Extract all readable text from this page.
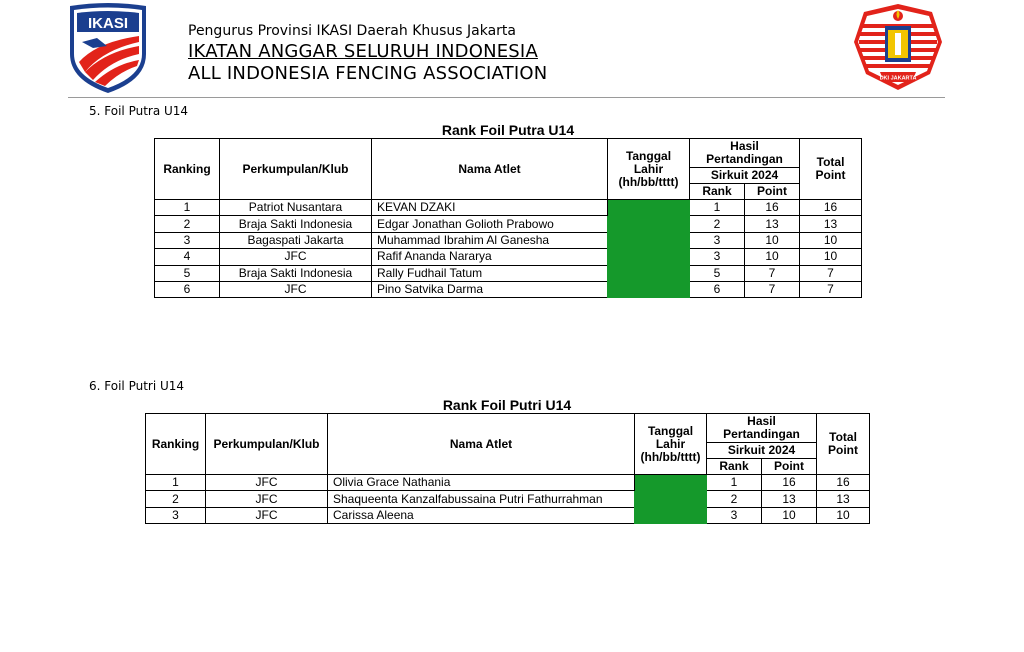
IKASI
DKI JAKARTA
Pengurus Provinsi IKASI Daerah Khusus Jakarta
IKATAN ANGGAR SELURUH INDONESIA
ALL INDONESIA FENCING ASSOCIATION
5. Foil Putra U14
Rank Foil Putra U14
Ranking	Perkumpulan/Klub	Nama Atlet	Tanggal Lahir (hh/bb/tttt)	Hasil Pertandingan		Total Point
				Sirkuit 2024		
				Rank	Point	
1	Patriot Nusantara	KEVAN DZAKI		1	16	16
2	Braja Sakti Indonesia	Edgar Jonathan Golioth Prabowo		2	13	13
3	Bagaspati Jakarta	Muhammad Ibrahim Al Ganesha		3	10	10
4	JFC	Rafif Ananda Nararya		3	10	10
5	Braja Sakti Indonesia	Rally Fudhail Tatum		5	7	7
6	JFC	Pino Satvika Darma		6	7	7
6. Foil Putri U14
Rank Foil Putri U14
Ranking	Perkumpulan/Klub	Nama Atlet	Tanggal Lahir (hh/bb/tttt)	Hasil Pertandingan		Total Point
				Sirkuit 2024		
				Rank	Point	
1	JFC	Olivia Grace Nathania		1	16	16
2	JFC	Shaqueenta Kanzalfabussaina Putri Fathurrahman		2	13	13
3	JFC	Carissa Aleena		3	10	10
